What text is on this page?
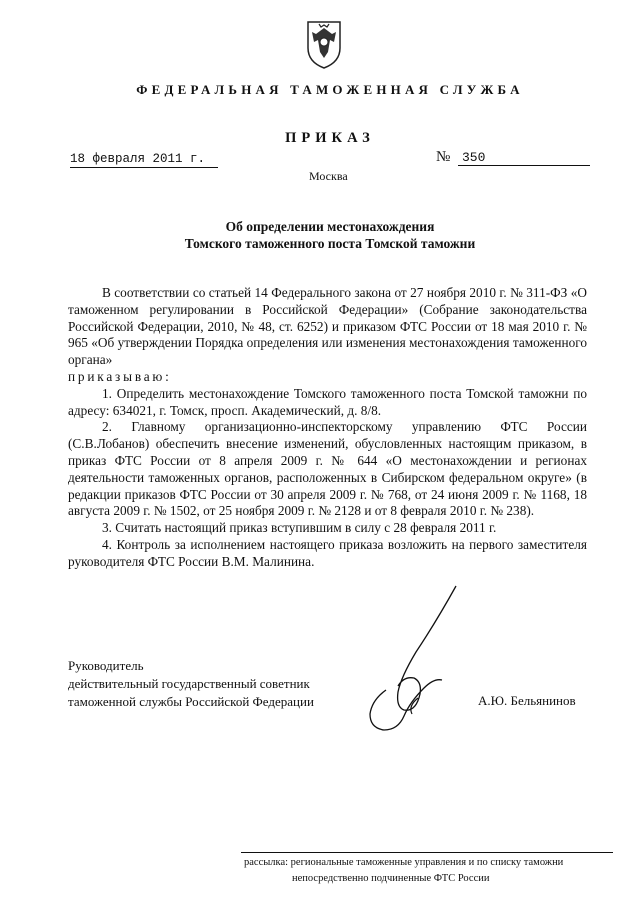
ФЕДЕРАЛЬНАЯ ТАМОЖЕННАЯ СЛУЖБА
ПРИКАЗ
18 февраля 2011 г.	№ 350
Москва
Об определении местонахождения
Томского таможенного поста Томской таможни

В соответствии со статьей 14 Федерального закона от 27 ноября 2010 г. № 311-ФЗ «О таможенном регулировании в Российской Федерации» (Собрание законодательства Российской Федерации, 2010, № 48, ст. 6252) и приказом ФТС России от 18 мая 2010 г. № 965 «Об утверждении Порядка определения или изменения местонахождения таможенного органа»

приказываю:

1. Определить местонахождение Томского таможенного поста Томской таможни по адресу: 634021, г. Томск, просп. Академический, д. 8/8.

2. Главному организационно-инспекторскому управлению ФТС России (С.В.Лобанов) обеспечить внесение изменений, обусловленных настоящим приказом, в приказ ФТС России от 8 апреля 2009 г. № 644 «О местонахождении и регионах деятельности таможенных органов, расположенных в Сибирском федеральном округе» (в редакции приказов ФТС России от 30 апреля 2009 г. № 768, от 24 июня 2009 г. № 1168, 18 августа 2009 г. № 1502, от 25 ноября 2009 г. № 2128 и от 8 февраля 2010 г. № 238).

3. Считать настоящий приказ вступившим в силу с 28 февраля 2011 г.

4. Контроль за исполнением настоящего приказа возложить на первого заместителя руководителя ФТС России В.М. Малинина.

Руководитель
действительный государственный советник
таможенной службы Российской Федерации	А.Ю. Бельянинов
рассылка: региональные таможенные управления и по списку таможни
непосредственно подчиненные ФТС России
